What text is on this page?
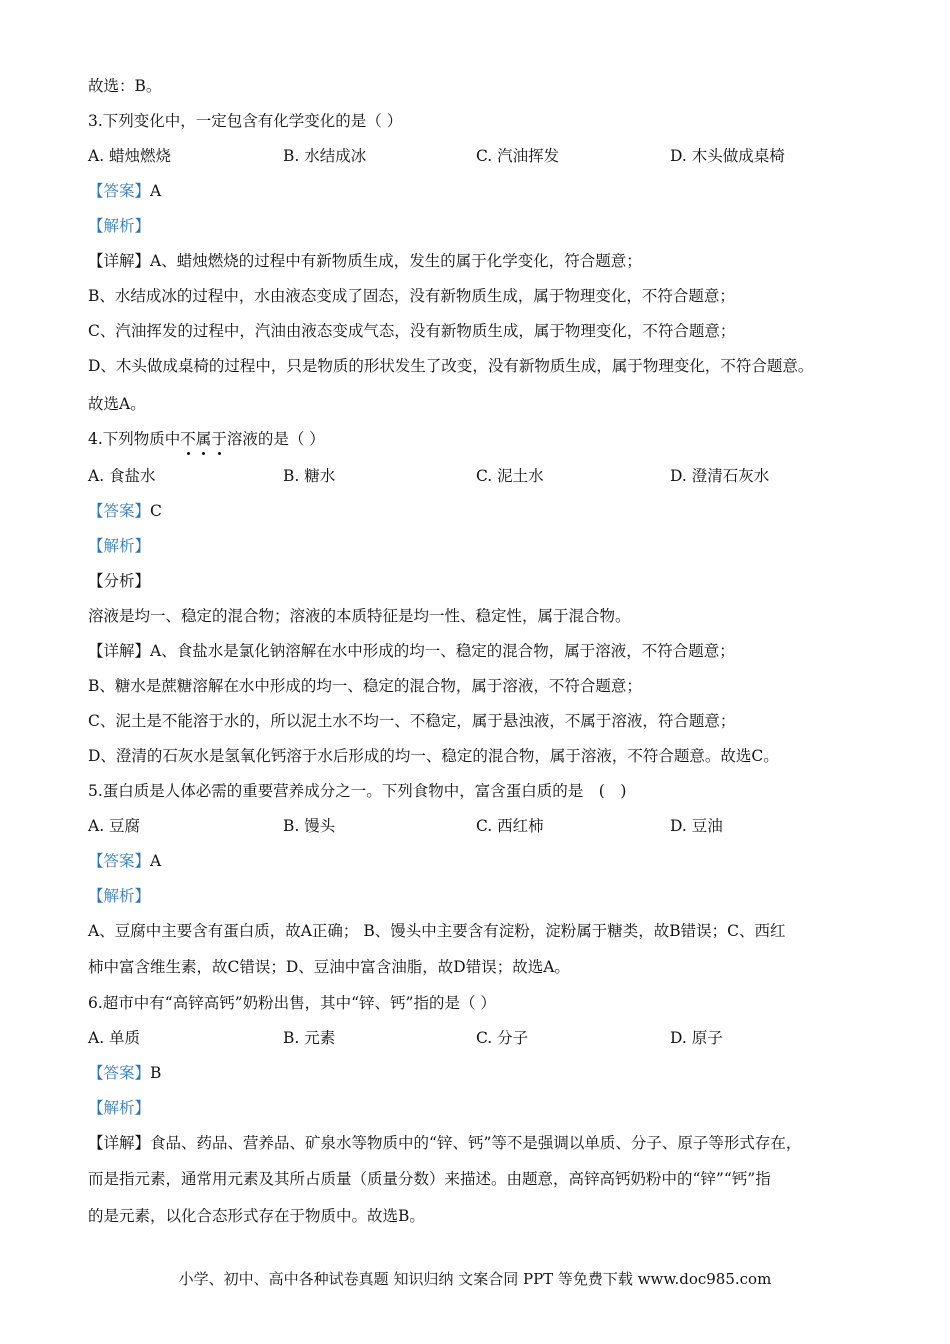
故选：B。
3.下列变化中，一定包含有化学变化的是（ ）
A. 蜡烛燃烧	B. 水结成冰	C. 汽油挥发	D. 木头做成桌椅
【答案】A
【解析】
【详解】A、蜡烛燃烧的过程中有新物质生成，发生的属于化学变化，符合题意；
B、水结成冰的过程中，水由液态变成了固态，没有新物质生成，属于物理变化，不符合题意；
C、汽油挥发的过程中，汽油由液态变成气态，没有新物质生成，属于物理变化，不符合题意；
D、木头做成桌椅的过程中，只是物质的形状发生了改变，没有新物质生成，属于物理变化，不符合题意。
故选A。
4.下列物质中不属于溶液的是（ ）
A. 食盐水	B. 糖水	C. 泥土水	D. 澄清石灰水
【答案】C
【解析】
【分析】
溶液是均一、稳定的混合物；溶液的本质特征是均一性、稳定性，属于混合物。
【详解】A、食盐水是氯化钠溶解在水中形成的均一、稳定的混合物，属于溶液，不符合题意；
B、糖水是蔗糖溶解在水中形成的均一、稳定的混合物，属于溶液，不符合题意；
C、泥土是不能溶于水的，所以泥土水不均一、不稳定，属于悬浊液，不属于溶液，符合题意；
D、澄清的石灰水是氢氧化钙溶于水后形成的均一、稳定的混合物，属于溶液，不符合题意。故选C。
5.蛋白质是人体必需的重要营养成分之一。下列食物中，富含蛋白质的是　(　)
A. 豆腐	B. 馒头	C. 西红柿	D. 豆油
【答案】A
【解析】
A、豆腐中主要含有蛋白质，故A正确； B、馒头中主要含有淀粉，淀粉属于糖类，故B错误；C、西红
柿中富含维生素，故C错误；D、豆油中富含油脂，故D错误；故选A。
6.超市中有“高锌高钙”奶粉出售，其中“锌、钙”指的是（ ）
A. 单质	B. 元素	C. 分子	D. 原子
【答案】B
【解析】
【详解】食品、药品、营养品、矿泉水等物质中的“锌、钙”等不是强调以单质、分子、原子等形式存在，
而是指元素，通常用元素及其所占质量（质量分数）来描述。由题意，高锌高钙奶粉中的“锌”“钙”指
的是元素，以化合态形式存在于物质中。故选B。
小学、初中、高中各种试卷真题 知识归纳 文案合同 PPT 等免费下载 www.doc985.com
